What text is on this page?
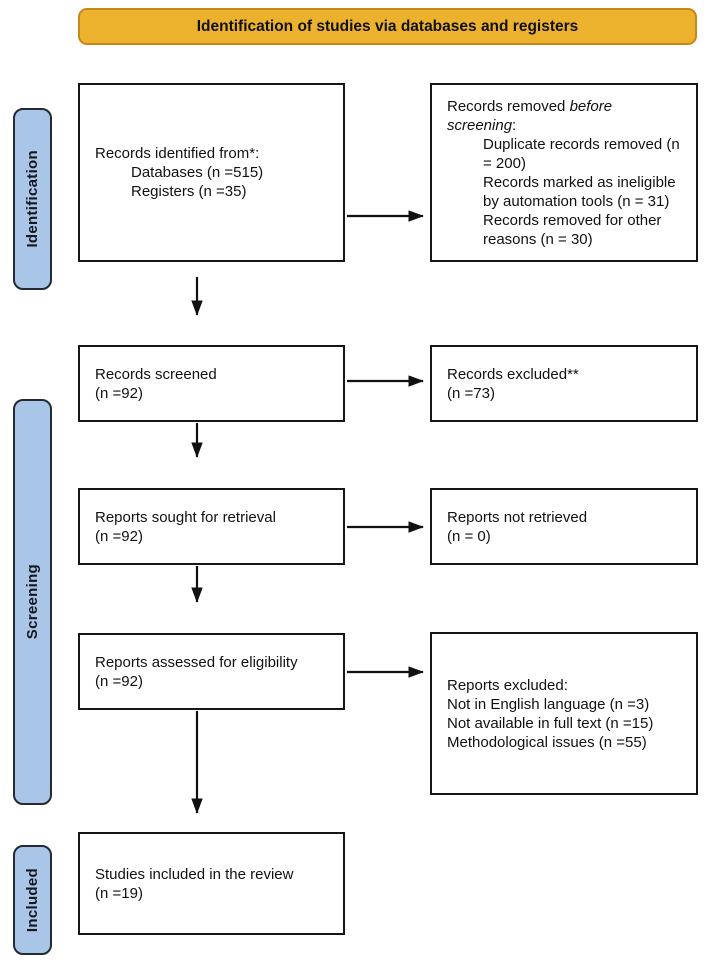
Identification of studies via databases and registers
Identification
Screening
Included
Records identified from*:
Databases (n =515)
Registers (n =35)
Records screened
(n =92)
Reports sought for retrieval
(n =92)
Reports assessed for eligibility
(n =92)
Studies included in the review
(n =19)
Records removed before screening:
Duplicate records removed (n = 200)
Records marked as ineligible by automation tools (n = 31)
Records removed for other reasons (n = 30)
Records excluded**
(n =73)
Reports not retrieved
(n = 0)
Reports excluded:
Not in English language (n =3)
Not available in full text (n =15)
Methodological issues (n =55)
